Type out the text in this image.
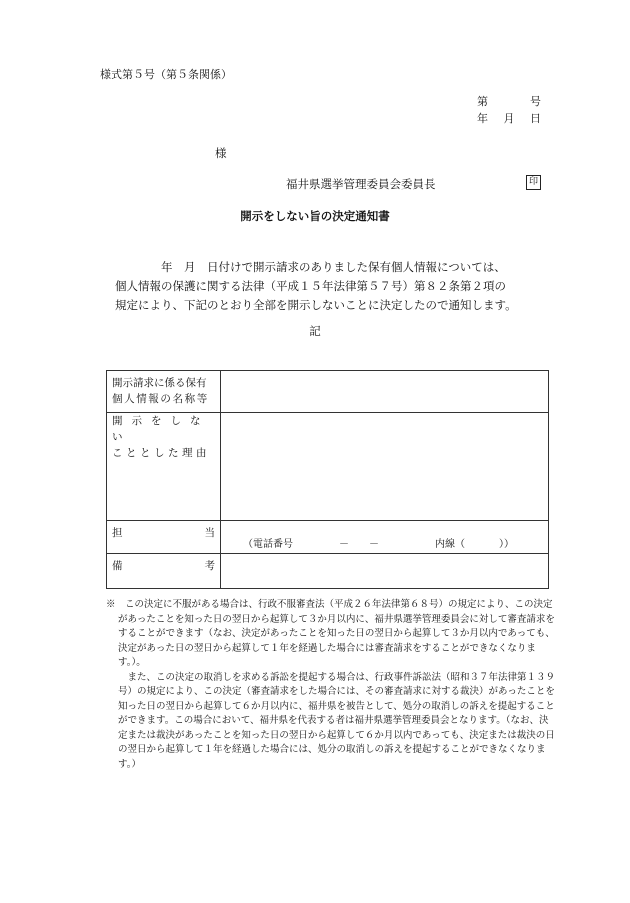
様式第５号（第５条関係）
第	号
年 月 日
様
福井県選挙管理委員会委員長	印
開示をしない旨の決定通知書
年　月　日付けで開示請求のありました保有個人情報については、
個人情報の保護に関する法律（平成１５年法律第５７号）第８２条第２項の
規定により、下記のとおり全部を開示しないことに決定したので通知します。
記
開示請求に係る保有
個人情報の名称等	

開示をしない
こととした理由	

担 当	（電話番号 － － 内線（ ））

備 考	

※　この決定に不服がある場合は、行政不服審査法（平成２６年法律第６８号）の規定により、この決定があったことを知った日の翌日から起算して３か月以内に、福井県選挙管理委員会に対して審査請求をすることができます（なお、決定があったことを知った日の翌日から起算して３か月以内であっても、決定があった日の翌日から起算して１年を経過した場合には審査請求をすることができなくなります。）。

　また、この決定の取消しを求める訴訟を提起する場合は、行政事件訴訟法（昭和３７年法律第１３９号）の規定により、この決定（審査請求をした場合には、その審査請求に対する裁決）があったことを知った日の翌日から起算して６か月以内に、福井県を被告として、処分の取消しの訴えを提起することができます。この場合において、福井県を代表する者は福井県選挙管理委員会となります。（なお、決定または裁決があったことを知った日の翌日から起算して６か月以内であっても、決定または裁決の日の翌日から起算して１年を経過した場合には、処分の取消しの訴えを提起することができなくなります。）
